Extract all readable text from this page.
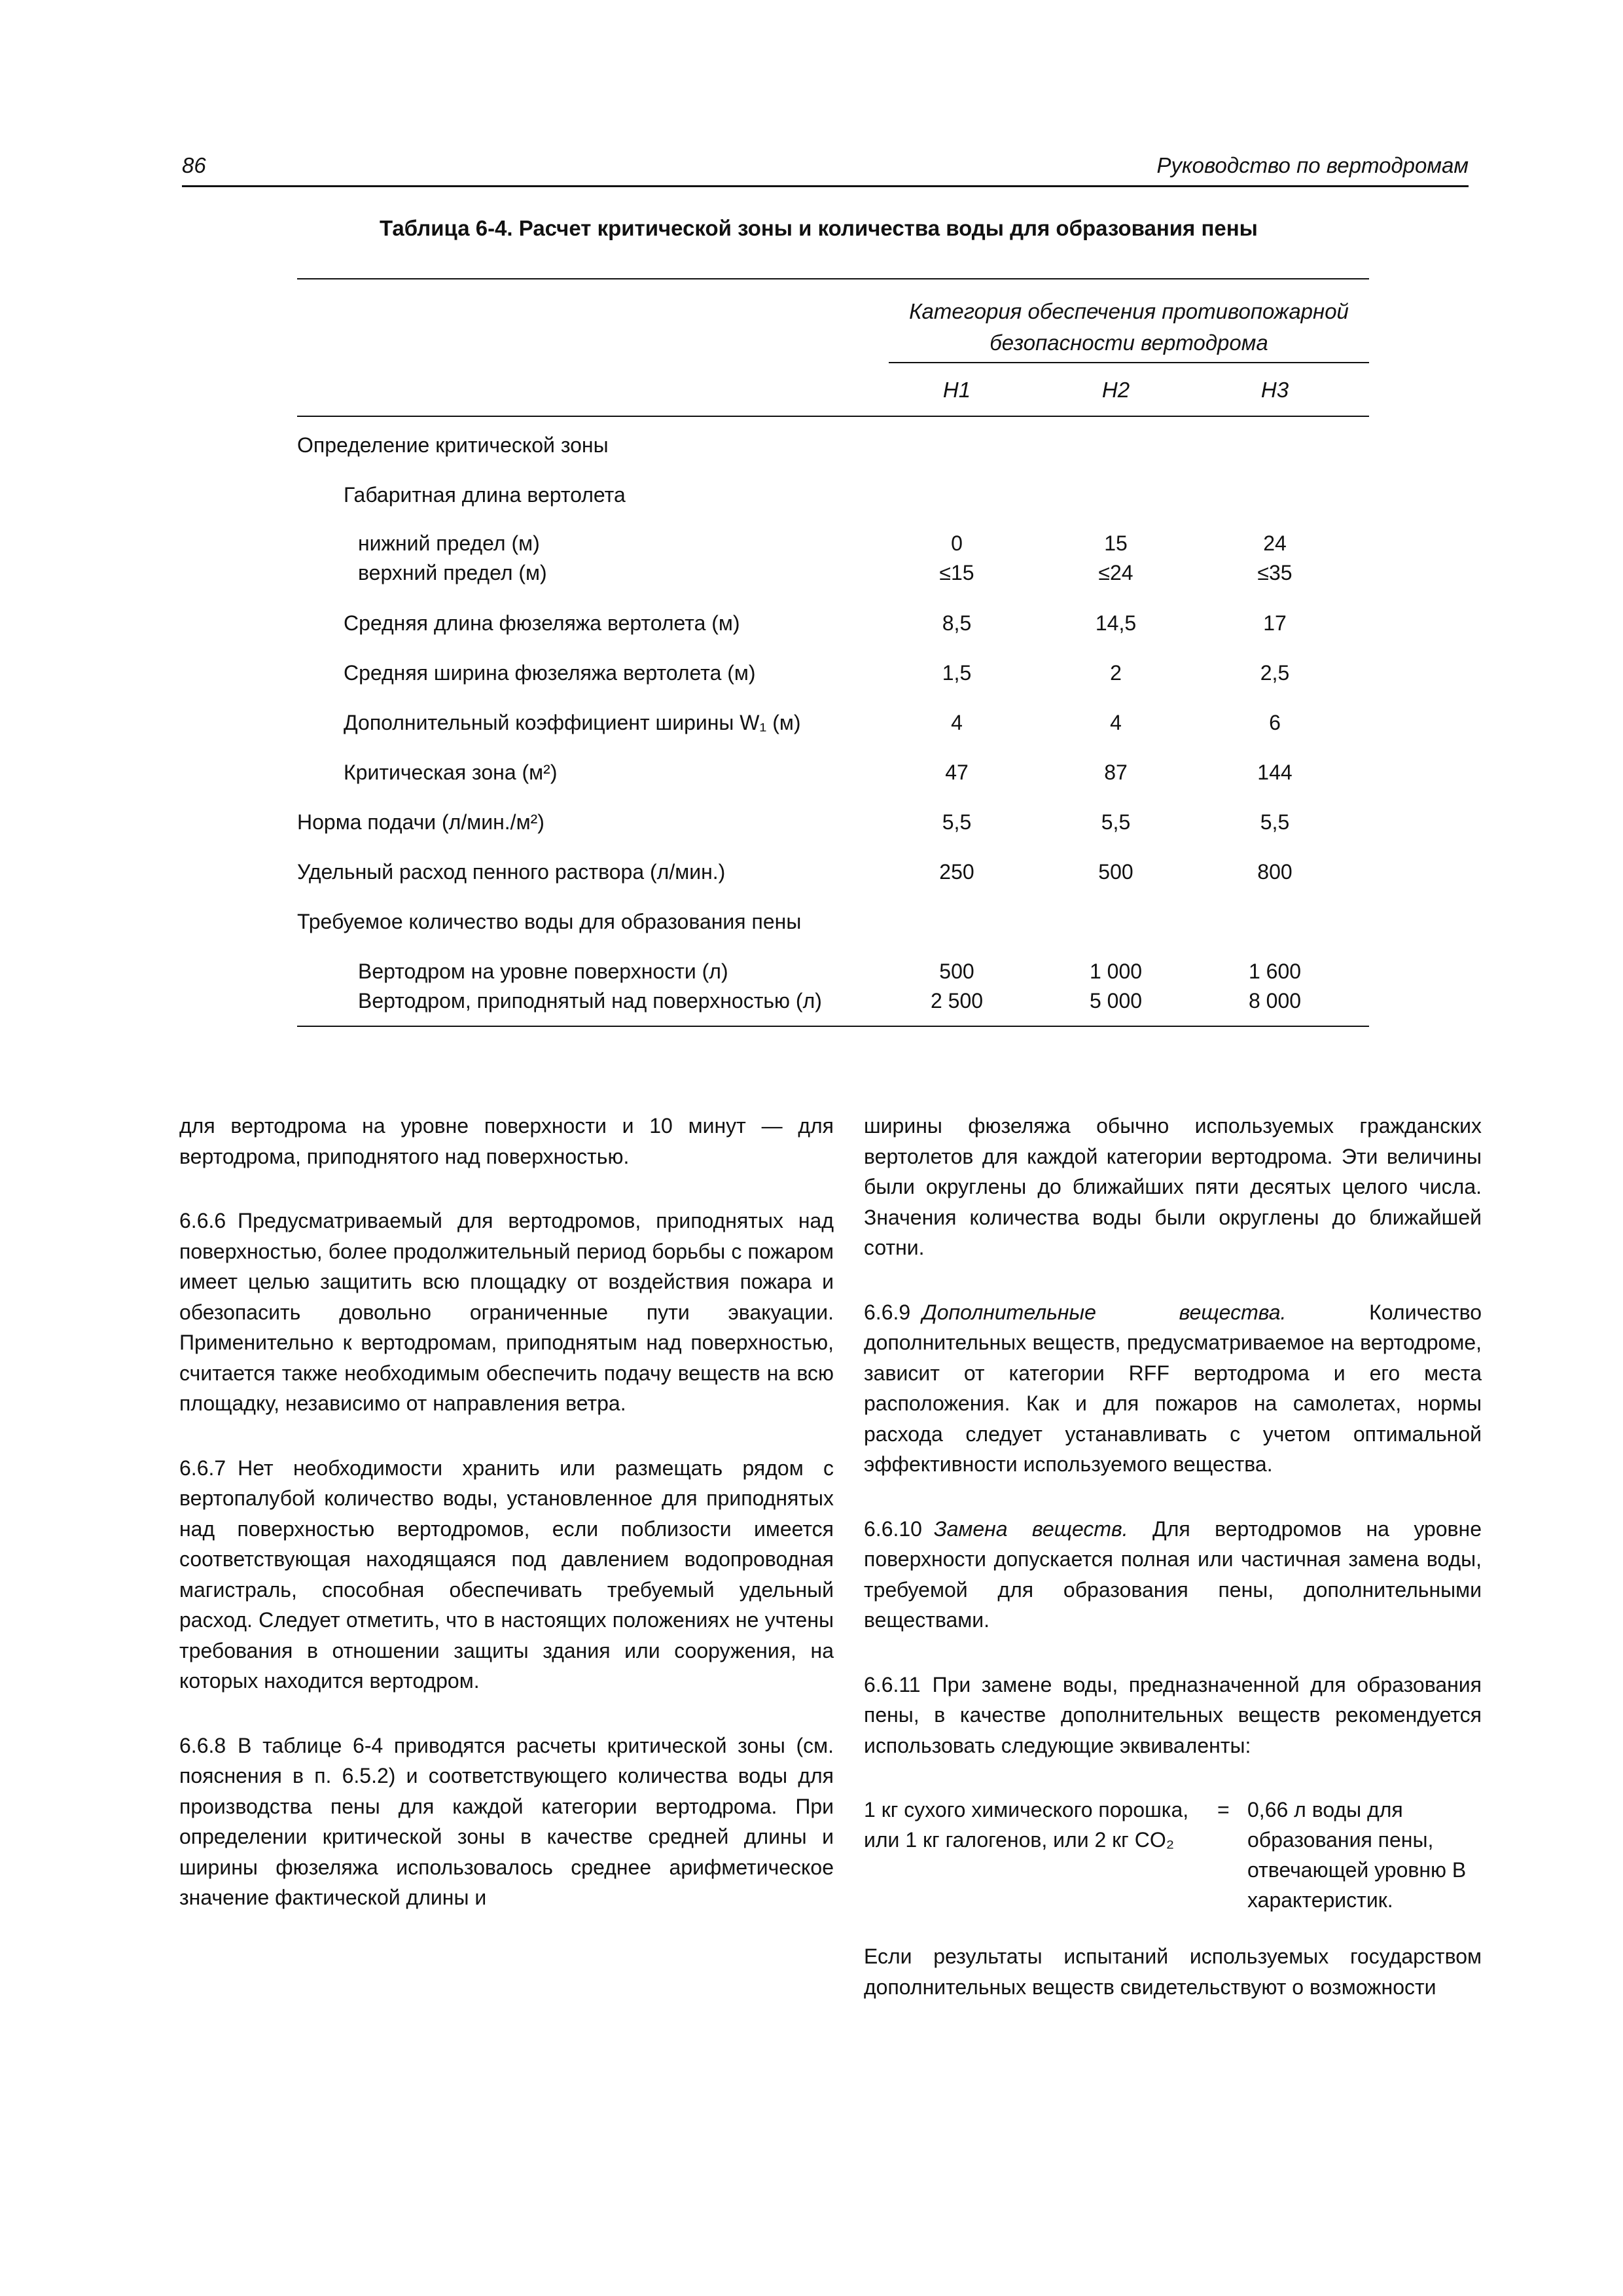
86	Руководство по вертодромам
Таблица 6-4. Расчет критической зоны и количества воды для образования пены
Категория обеспечения противопожарной
безопасности вертодрома
H1	H2	H3
Определение критической зоны
Габаритная длина вертолета
нижний предел (м)	0	15	24
верхний предел (м)	≤15	≤24	≤35
Средняя длина фюзеляжа вертолета (м)	8,5	14,5	17
Средняя ширина фюзеляжа вертолета (м)	1,5	2	2,5
Дополнительный коэффициент ширины W₁ (м)	4	4	6
Критическая зона (м²)	47	87	144
Норма подачи (л/мин./м²)	5,5	5,5	5,5
Удельный расход пенного раствора (л/мин.)	250	500	800
Требуемое количество воды для образования пены
Вертодром на уровне поверхности (л)	500	1 000	1 600
Вертодром, приподнятый над поверхностью (л)	2 500	5 000	8 000

для вертодрома на уровне поверхности и 10 минут — для вертодрома, приподнятого над поверхностью.

6.6.6 Предусматриваемый для вертодромов, приподнятых над поверхностью, более продолжительный период борьбы с пожаром имеет целью защитить всю площадку от воздействия пожара и обезопасить довольно ограниченные пути эвакуации. Применительно к вертодромам, приподнятым над поверхностью, считается также необходимым обеспечить подачу веществ на всю площадку, независимо от направления ветра.

6.6.7 Нет необходимости хранить или размещать рядом с вертопалубой количество воды, установленное для приподнятых над поверхностью вертодромов, если поблизости имеется соответствующая находящаяся под давлением водопроводная магистраль, способная обеспечивать требуемый удельный расход. Следует отметить, что в настоящих положениях не учтены требования в отношении защиты здания или сооружения, на которых находится вертодром.

6.6.8 В таблице 6-4 приводятся расчеты критической зоны (см. пояснения в п. 6.5.2) и соответствующего количества воды для производства пены для каждой категории вертодрома. При определении критической зоны в качестве средней длины и ширины фюзеляжа использовалось среднее арифметическое значение фактической длины и

ширины фюзеляжа обычно используемых гражданских вертолетов для каждой категории вертодрома. Эти величины были округлены до ближайших пяти десятых целого числа. Значения количества воды были округлены до ближайшей сотни.

6.6.9 Дополнительные вещества.	Количество дополнительных веществ, предусматриваемое на вертодроме, зависит от категории RFF вертодрома и его места расположения. Как и для пожаров на самолетах, нормы расхода следует устанавливать с учетом оптимальной эффективности используемого вещества.

6.6.10 Замена веществ. Для вертодромов на уровне поверхности допускается полная или частичная замена воды, требуемой для образования пены, дополнительными веществами.

6.6.11 При замене воды, предназначенной для образования пены, в качестве дополнительных веществ рекомендуется использовать следующие эквиваленты:

1 кг сухого химического порошка, или 1 кг галогенов, или 2 кг CO₂
= 0,66 л воды для образования пены, отвечающей уровню B характеристик.

Если результаты испытаний используемых государством дополнительных веществ свидетельствуют о возможности
